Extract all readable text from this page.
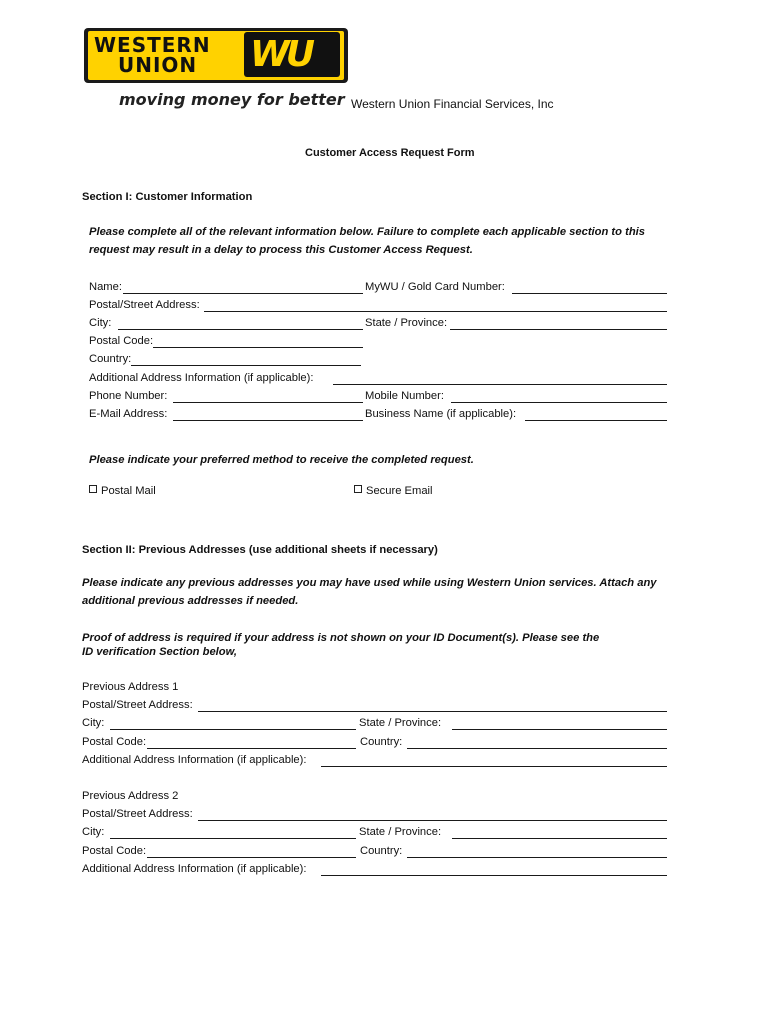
WESTERN
UNION WU
moving money for better Western Union Financial Services, Inc
Customer Access Request Form
Section I: Customer Information
Please complete all of the relevant information below. Failure to complete each applicable section to this
request may result in a delay to process this Customer Access Request.
Name:	MyWU / Gold Card Number:
Postal/Street Address:
City:	State / Province:
Postal Code:
Country:
Additional Address Information (if applicable):
Phone Number:	Mobile Number:
E-Mail Address:	Business Name (if applicable):
Please indicate your preferred method to receive the completed request.
Postal Mail	Secure Email
Section II: Previous Addresses (use additional sheets if necessary)
Please indicate any previous addresses you may have used while using Western Union services. Attach any
additional previous addresses if needed.
Proof of address is required if your address is not shown on your ID Document(s). Please see the
ID verification Section below,
Previous Address 1
Postal/Street Address:
City:	State / Province:
Postal Code:	Country:
Additional Address Information (if applicable):
Previous Address 2
Postal/Street Address:
City:	State / Province:
Postal Code:	Country:
Additional Address Information (if applicable):
